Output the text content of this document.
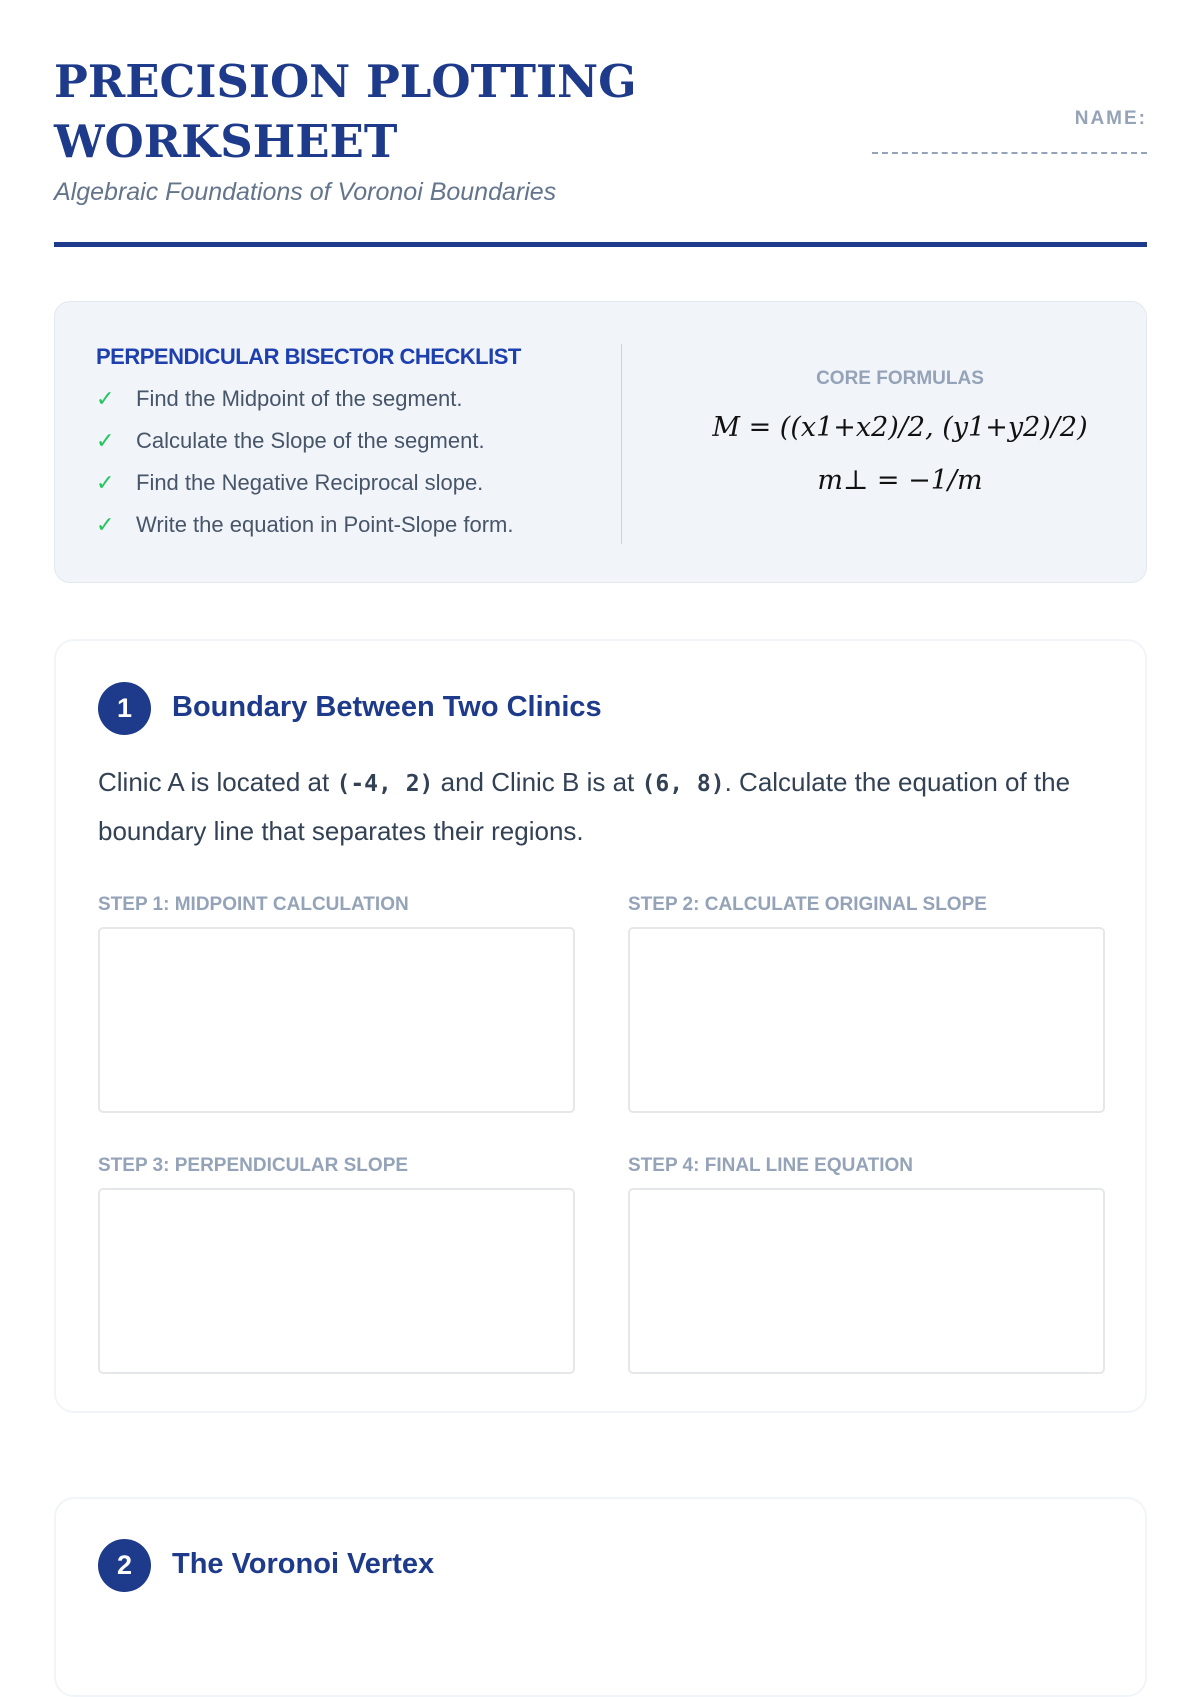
PRECISION PLOTTING WORKSHEET
Algebraic Foundations of Voronoi Boundaries
NAME:
PERPENDICULAR BISECTOR CHECKLIST
✓ Find the Midpoint of the segment.
✓ Calculate the Slope of the segment.
✓ Find the Negative Reciprocal slope.
✓ Write the equation in Point-Slope form.
CORE FORMULAS
M = ((x1+x2)/2, (y1+y2)/2)
m⊥ = −1/m
1	Boundary Between Two Clinics
Clinic A is located at (-4, 2) and Clinic B is at (6, 8). Calculate the equation of the boundary line that separates their regions.
STEP 1: MIDPOINT CALCULATION	STEP 2: CALCULATE ORIGINAL SLOPE
STEP 3: PERPENDICULAR SLOPE	STEP 4: FINAL LINE EQUATION
2	The Voronoi Vertex
